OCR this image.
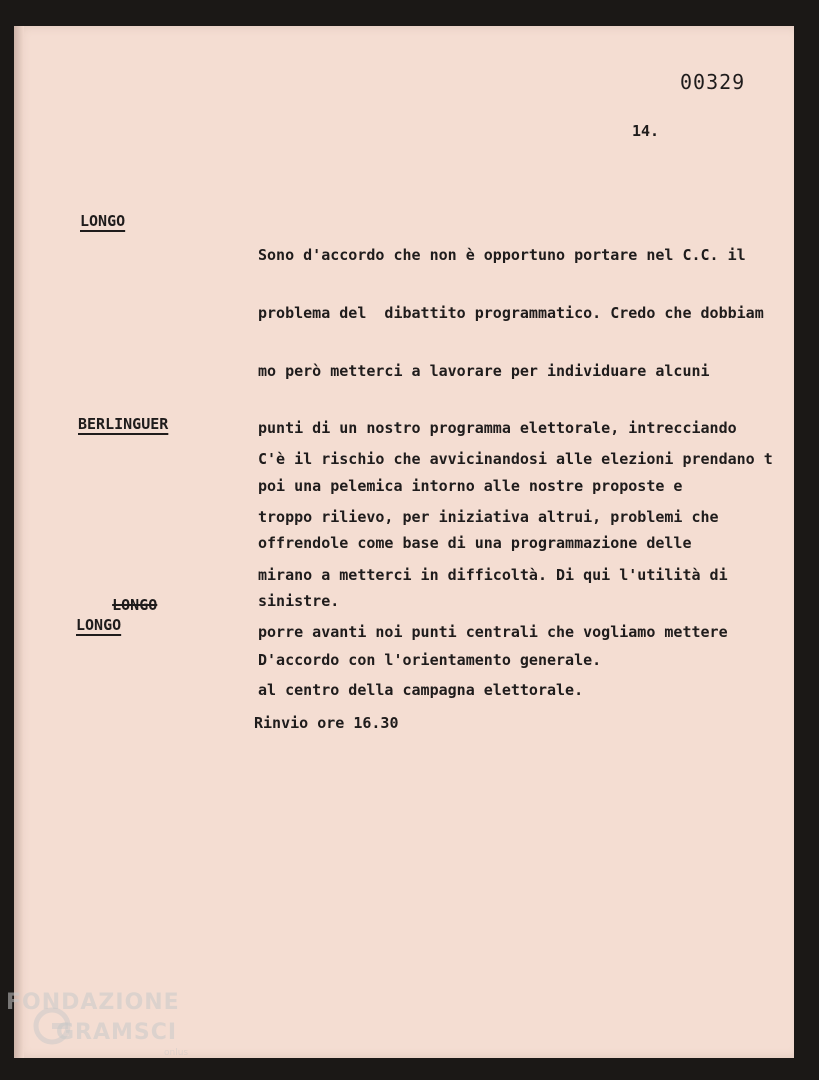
00329
14.
LONGO

Sono d'accordo che non è opportuno portare nel C.C. il

problema del  dibattito programmatico. Credo che dobbiam

mo però metterci a lavorare per individuare alcuni

punti di un nostro programma elettorale, intrecciando

poi una pelemica intorno alle nostre proposte e

offrendole come base di una programmazione delle

sinistre.

BERLINGUER

C'è il rischio che avvicinandosi alle elezioni prendano t

troppo rilievo, per iniziativa altrui, problemi che

mirano a metterci in difficoltà. Di qui l'utilità di

porre avanti noi punti centrali che vogliamo mettere

al centro della campagna elettorale.

LONGO

LONGO

D'accordo con l'orientamento generale.

Rinvio ore 16.30
FONDAZIONE
GRAMSCI
onlus
